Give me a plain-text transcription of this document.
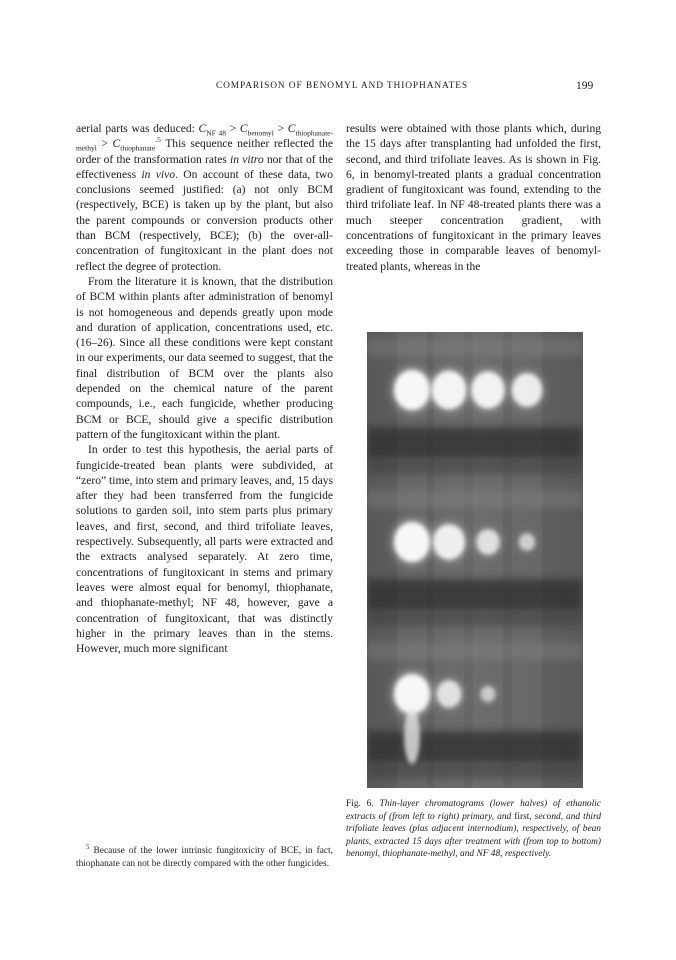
COMPARISON OF BENOMYL AND THIOPHANATES	199

aerial parts was deduced: $C_{NF 48} > C_{benomyl} > C_{thiophanate-methyl} > C_{thiophanate}^{.5}$ This sequence neither reflected the order of the transformation rates in vitro nor that of the effectiveness in vivo. On account of these data, two conclusions seemed justified: (a) not only BCM (respectively, BCE) is taken up by the plant, but also the parent compounds or conversion products other than BCM (respectively, BCE); (b) the over-all-concentration of fungitoxicant in the plant does not reflect the degree of protection.

From the literature it is known, that the distribution of BCM within plants after administration of benomyl is not homogeneous and depends greatly upon mode and duration of application, concentrations used, etc. (16–26). Since all these conditions were kept constant in our experiments, our data seemed to suggest, that the final distribution of BCM over the plants also depended on the chemical nature of the parent compounds, i.e., each fungicide, whether producing BCM or BCE, should give a specific distribution pattern of the fungitoxicant within the plant.

In order to test this hypothesis, the aerial parts of fungicide-treated bean plants were subdivided, at “zero” time, into stem and primary leaves, and, 15 days after they had been transferred from the fungicide solutions to garden soil, into stem parts plus primary leaves, and first, second, and third trifoliate leaves, respectively. Subsequently, all parts were extracted and the extracts analysed separately. At zero time, concentrations of fungitoxicant in stems and primary leaves were almost equal for benomyl, thiophanate, and thiophanate-methyl; NF 48, however, gave a concentration of fungitoxicant, that was distinctly higher in the primary leaves than in the stems. However, much more significant

$^5$ Because of the lower intrinsic fungitoxicity of BCE, in fact, thiophanate can not be directly compared with the other fungicides.

results were obtained with those plants which, during the 15 days after transplanting had unfolded the first, second, and third trifoliate leaves. As is shown in Fig. 6, in benomyl-treated plants a gradual concentration gradient of fungitoxicant was found, extending to the third trifoliate leaf. In NF 48-treated plants there was a much steeper concentration gradient, with concentrations of fungitoxicant in the primary leaves exceeding those in comparable leaves of benomyl-treated plants, whereas in the

Fig. 6. Thin-layer chromatograms (lower halves) of ethanolic extracts of (from left to right) primary, and first, second, and third trifoliate leaves (plus adjacent internodium), respectively, of bean plants, extracted 15 days after treatment with (from top to bottom) benomyl, thiophanate-methyl, and NF 48, respectively.
